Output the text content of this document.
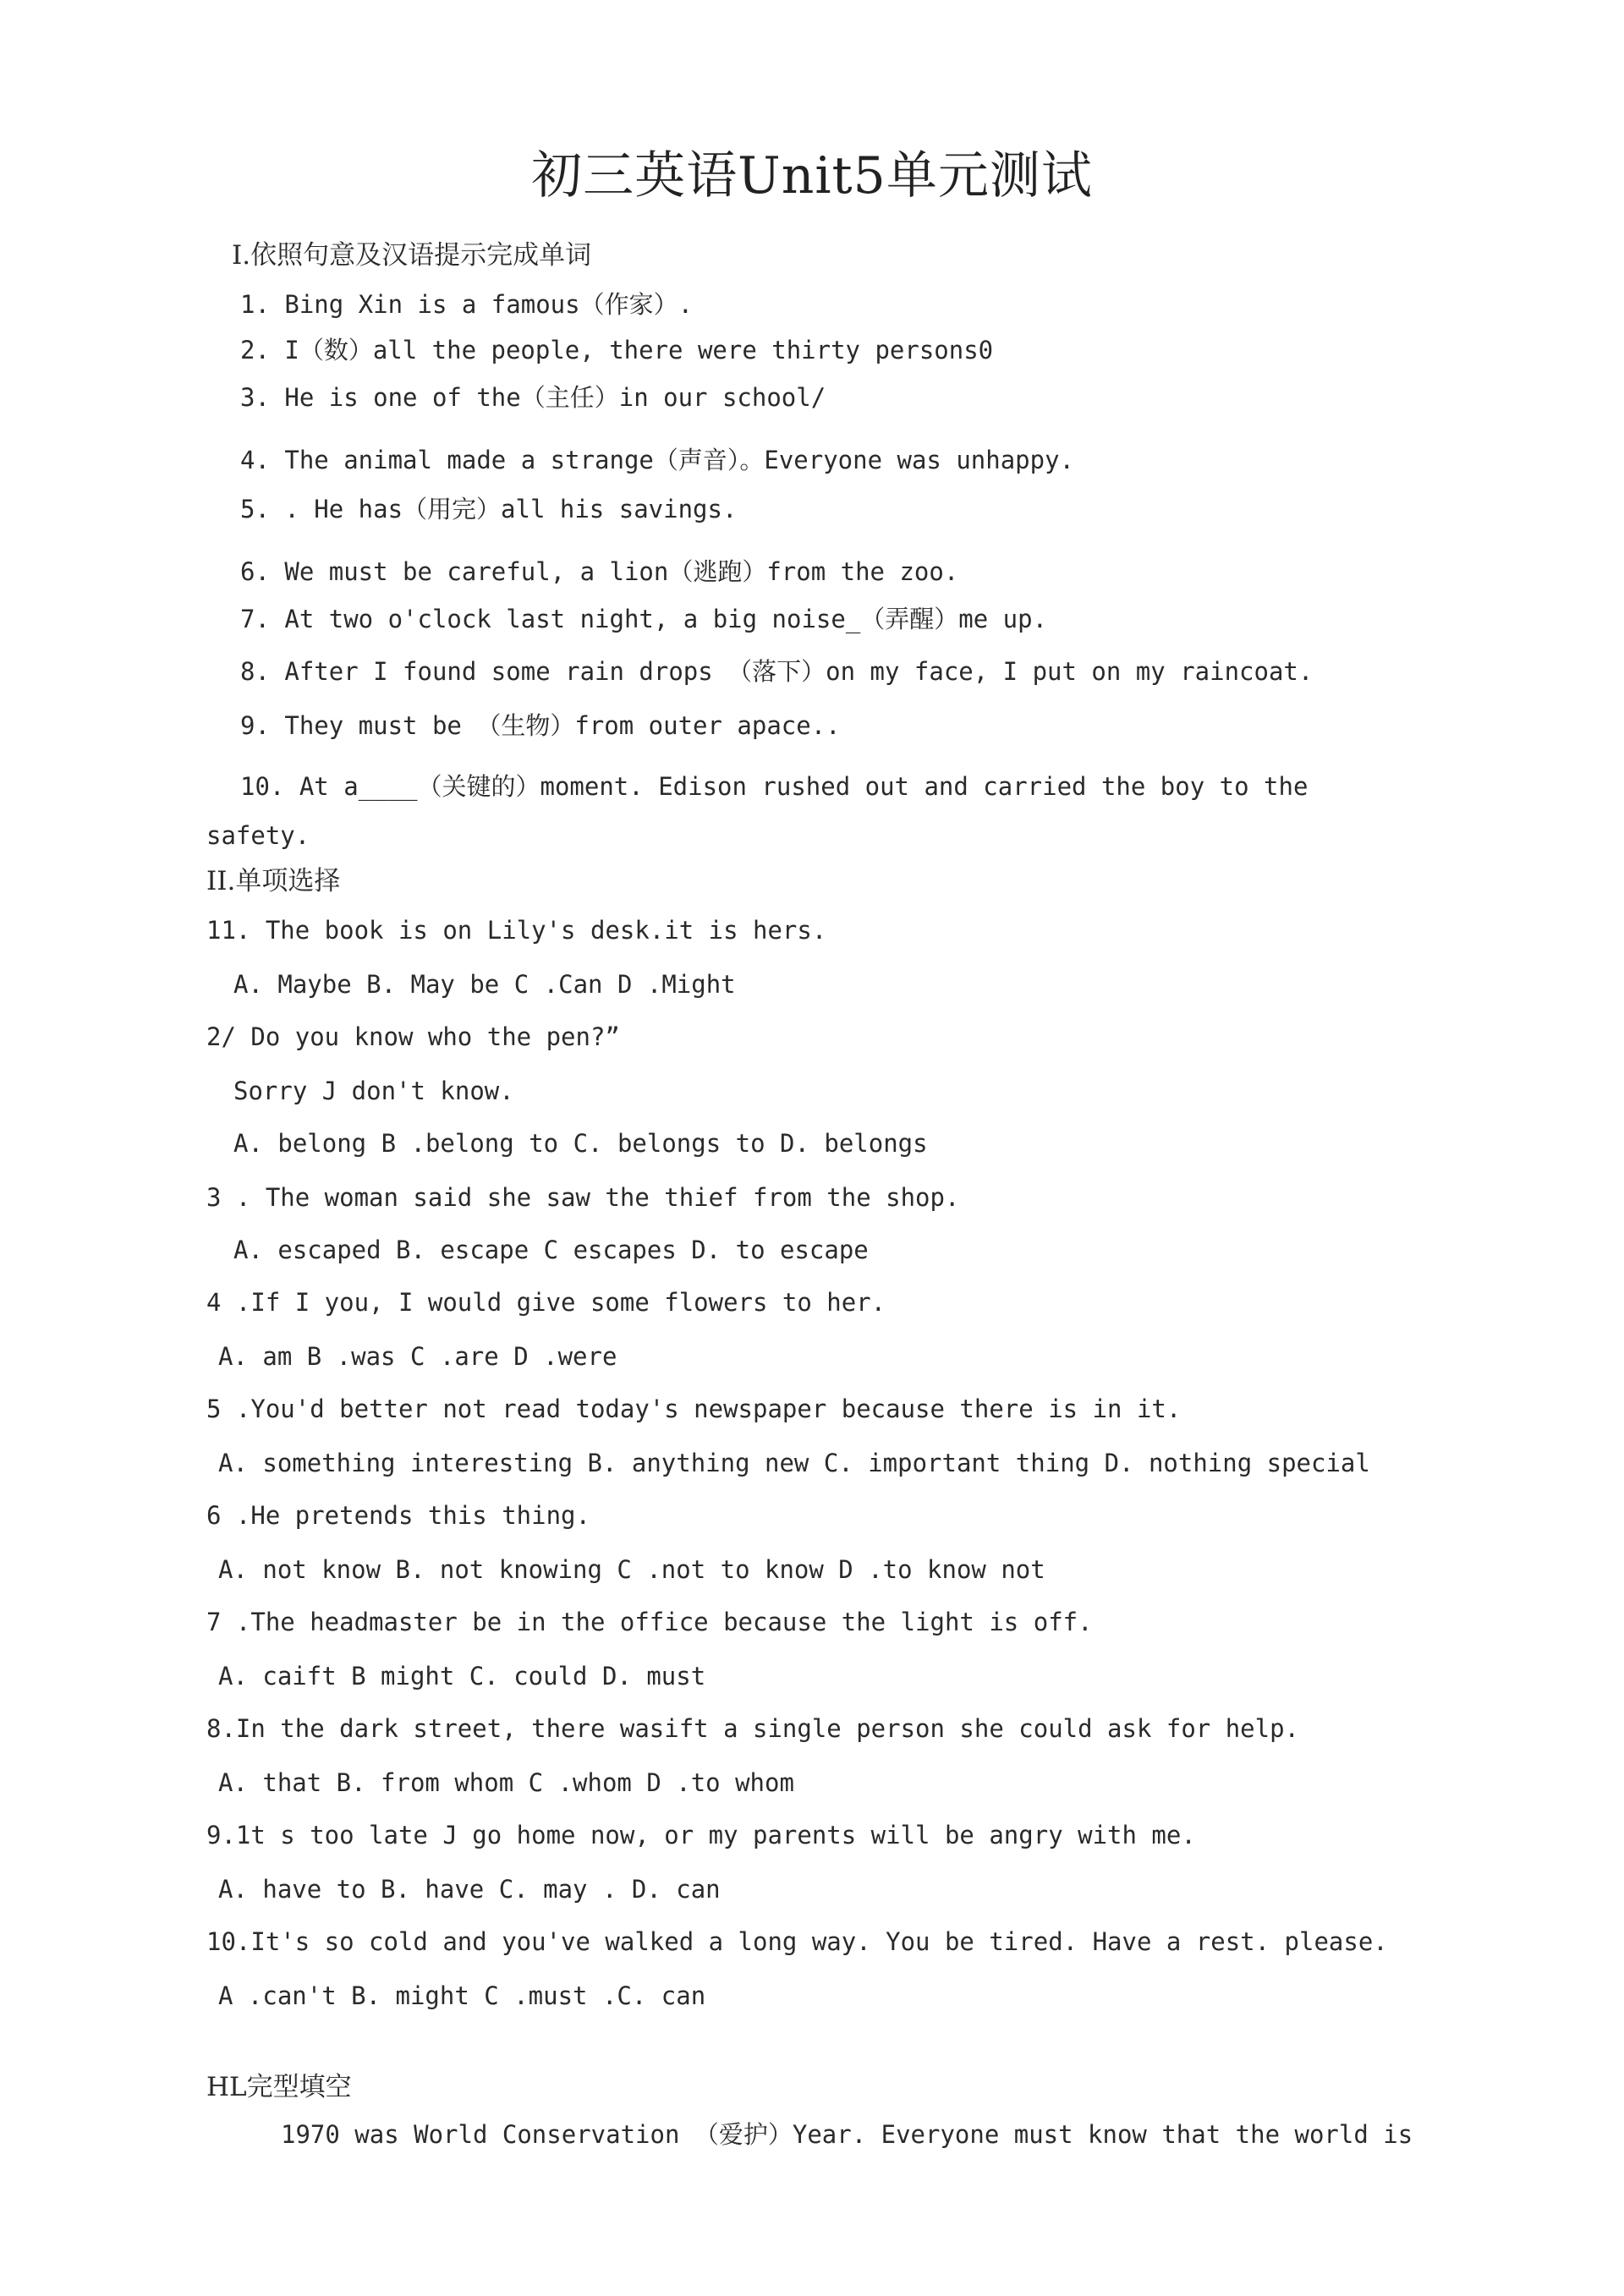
初三英语Unit5单元测试
I.依照句意及汉语提示完成单词
1. Bing Xin is a famous（作家）.
2. I（数）all the people, there were thirty persons0
3. He is one of the（主任）in our school/
4. The animal made a strange（声音）。Everyone was unhappy.
5. . He has（用完）all his savings.
6. We must be careful, a lion（逃跑）from the zoo.
7. At two o'clock last night, a big noise_（弄醒）me up.
8. After I found some rain drops （落下）on my face, I put on my raincoat.
9. They must be （生物）from outer apace..
10. At a____（关键的）moment. Edison rushed out and carried the boy to the
safety.
II.单项选择
11. The book is on Lily's desk.it is hers.
A. Maybe B. May be C .Can D .Might
2/ Do you know who the pen?”
Sorry J don't know.
A. belong B .belong to C. belongs to D. belongs
3 . The woman said she saw the thief from the shop.
A. escaped B. escape C escapes D. to escape
4 .If I you, I would give some flowers to her.
A. am B .was C .are D .were
5 .You'd better not read today's newspaper because there is in it.
A. something interesting B. anything new C. important thing D. nothing special
6 .He pretends this thing.
A. not know B. not knowing C .not to know D .to know not
7 .The headmaster be in the office because the light is off.
A. caift B might C. could D. must
8.In the dark street, there wasift a single person she could ask for help.
A. that B. from whom C .whom D .to whom
9.1t s too late J go home now, or my parents will be angry with me.
A. have to B. have C. may . D. can
10.It's so cold and you've walked a long way. You be tired. Have a rest. please.
A .can't B. might C .must .C. can
HL完型填空
1970 was World Conservation （爱护）Year. Everyone must know that the world is
